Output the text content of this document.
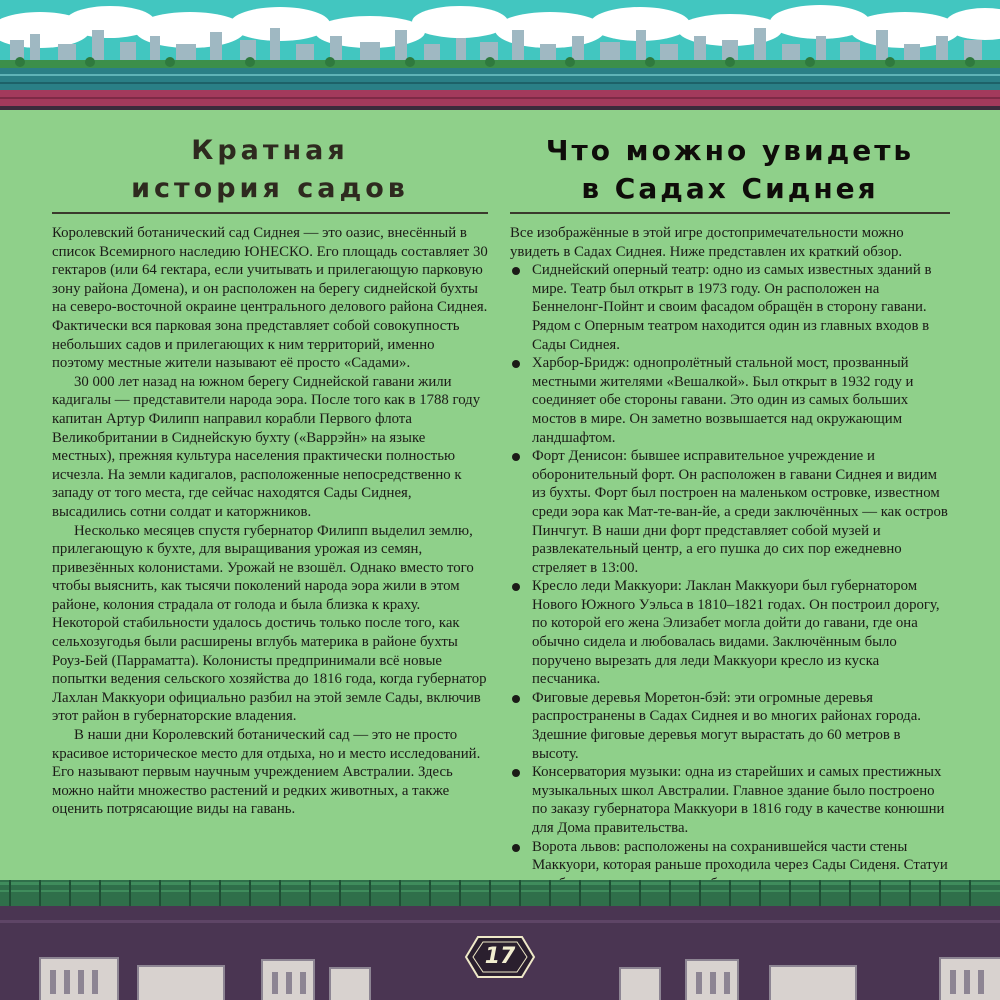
Кратная
история садов

Королевский ботанический сад Сиднея — это оазис, внесённый в список Всемирного наследию ЮНЕСКО. Его площадь составляет 30 гектаров (или 64 гектара, если учитывать и прилегающую парковую зону района Домена), и он расположен на берегу сиднейской бухты на северо-восточной окраине центрального делового района Сиднея. Фактически вся парковая зона представляет собой совокупность небольших садов и прилегающих к ним территорий, именно поэтому местные жители называют её просто «Садами».

30 000 лет назад на южном берегу Сиднейской гавани жили кадигалы — представители народа эора. После того как в 1788 году капитан Артур Филипп направил корабли Первого флота Великобритании в Сиднейскую бухту («Варрэйн» на языке местных), прежняя культура населения практически полностью исчезла. На земли кадигалов, расположенные непосредственно к западу от того места, где сейчас находятся Сады Сиднея, высадились сотни солдат и каторжников.

Несколько месяцев спустя губернатор Филипп выделил землю, прилегающую к бухте, для выращивания урожая из семян, привезённых колонистами. Урожай не взошёл. Однако вместо того чтобы выяснить, как тысячи поколений народа эора жили в этом районе, колония страдала от голода и была близка к краху. Некоторой стабильности удалось достичь только после того, как сельхозугодья были расширены вглубь материка в районе бухты Роуз-Бей (Парраматта). Колонисты предпринимали всё новые попытки ведения сельского хозяйства до 1816 года, когда губернатор Лахлан Маккуори официально разбил на этой земле Сады, включив этот район в губернаторские владения.

В наши дни Королевский ботанический сад — это не просто красивое историческое место для отдыха, но и место исследований. Его называют первым научным учреждением Австралии. Здесь можно найти множество растений и редких животных, а также оценить потрясающие виды на гавань.

Что можно увидеть
в Садах Сиднея

Все изображённые в этой игре достопримечательности можно увидеть в Садах Сиднея. Ниже представлен их краткий обзор.

Сиднейский оперный театр: одно из самых известных зданий в мире. Театр был открыт в 1973 году. Он расположен на Беннелонг-Пойнт и своим фасадом обращён в сторону гавани. Рядом с Оперным театром находится один из главных входов в Сады Сиднея.
Харбор-Бридж: однопролётный стальной мост, прозванный местными жителями «Вешалкой». Был открыт в 1932 году и соединяет обе стороны гавани. Это один из самых больших мостов в мире. Он заметно возвышается над окружающим ландшафтом.
Форт Денисон: бывшее исправительное учреждение и оборонительный форт. Он расположен в гавани Сиднея и видим из бухты. Форт был построен на маленьком островке, известном среди эора как Мат-те-ван-йе, а среди заключённых — как остров Пинчгут. В наши дни форт представляет собой музей и развлекательный центр, а его пушка до сих пор ежедневно стреляет в 13:00.
Кресло леди Маккуори: Лаклан Маккуори был губернатором Нового Южного Уэльса в 1810–1821 годах. Он построил дорогу, по которой его жена Элизабет могла дойти до гавани, где она обычно сидела и любовалась видами. Заключённым было поручено вырезать для леди Маккуори кресло из куска песчаника.
Фиговые деревья Моретон-бэй: эти огромные деревья распространены в Садах Сиднея и во многих районах города. Здешние фиговые деревья могут вырастать до 60 метров в высоту.
Консерватория музыки: одна из старейших и самых престижных музыкальных школ Австралии. Главное здание было построено по заказу губернатора Маккуори в 1816 году в качестве конюшни для Дома правительства.
Ворота львов: расположены на сохранившейся части стены Маккуори, которая раньше проходила через Сады Сиденя. Статуи
17
